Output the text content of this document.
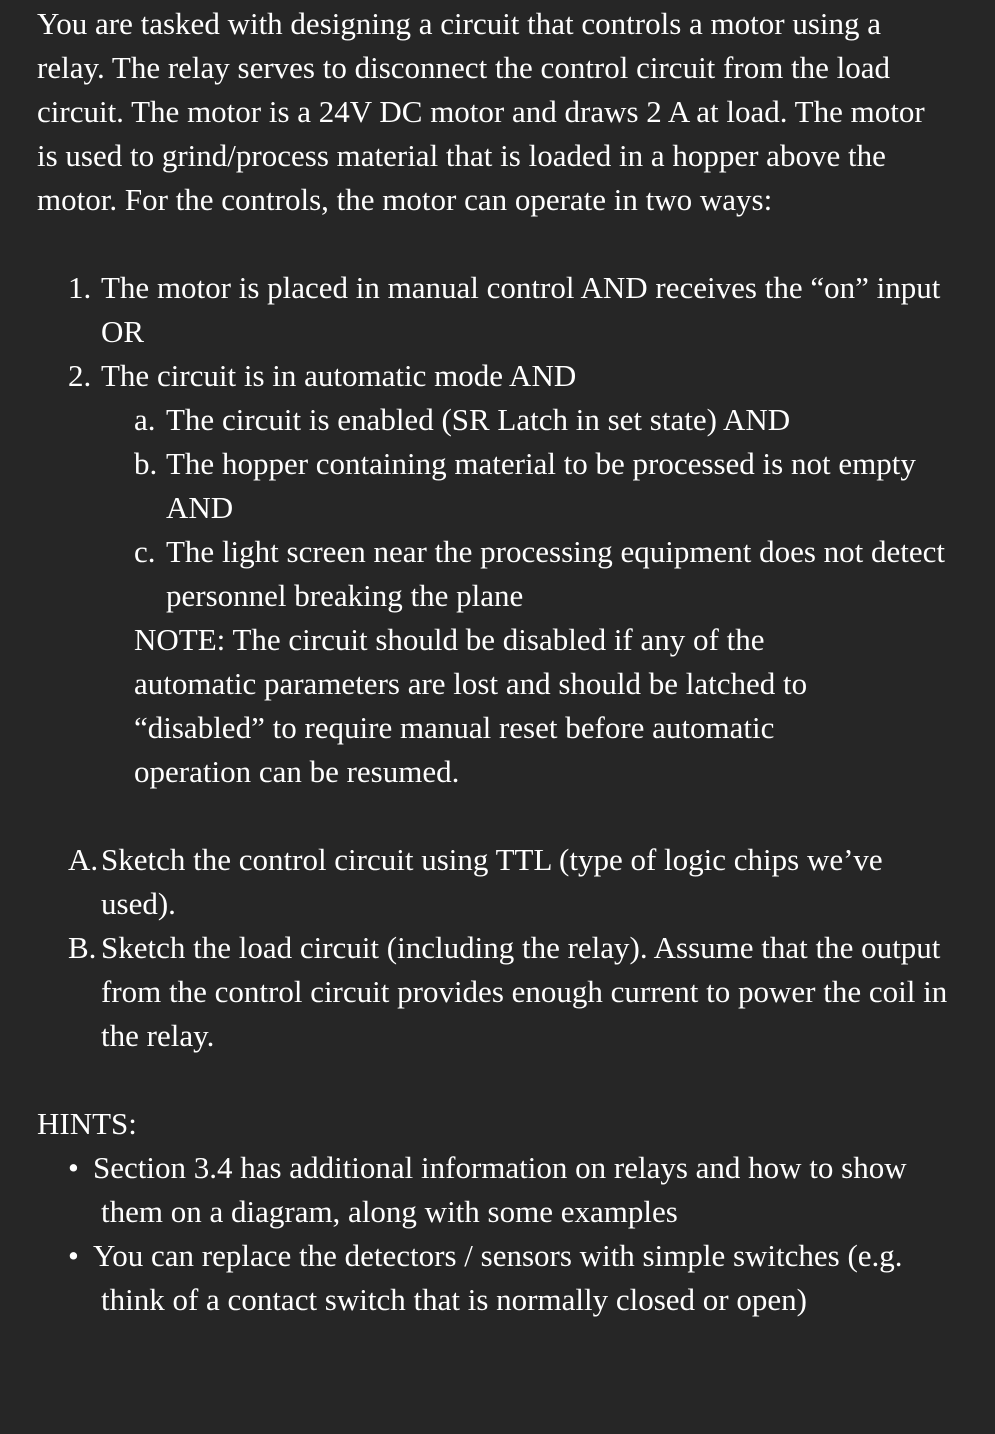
You are tasked with designing a circuit that controls a motor using a relay. The relay serves to disconnect the control circuit from the load circuit. The motor is a 24V DC motor and draws 2 A at load. The motor is used to grind/process material that is loaded in a hopper above the motor. For the controls, the motor can operate in two ways:

1. The motor is placed in manual control AND receives the “on” input OR
2. The circuit is in automatic mode AND
a. The circuit is enabled (SR Latch in set state) AND
b. The hopper containing material to be processed is not empty AND
c. The light screen near the processing equipment does not detect personnel breaking the plane

NOTE: The circuit should be disabled if any of the automatic parameters are lost and should be latched to “disabled” to require manual reset before automatic operation can be resumed.

A.Sketch the control circuit using TTL (type of logic chips we’ve used).
B. Sketch the load circuit (including the relay). Assume that the output from the control circuit provides enough current to power the coil in the relay.

HINTS:

• Section 3.4 has additional information on relays and how to show them on a diagram, along with some examples
• You can replace the detectors / sensors with simple switches (e.g. think of a contact switch that is normally closed or open)
